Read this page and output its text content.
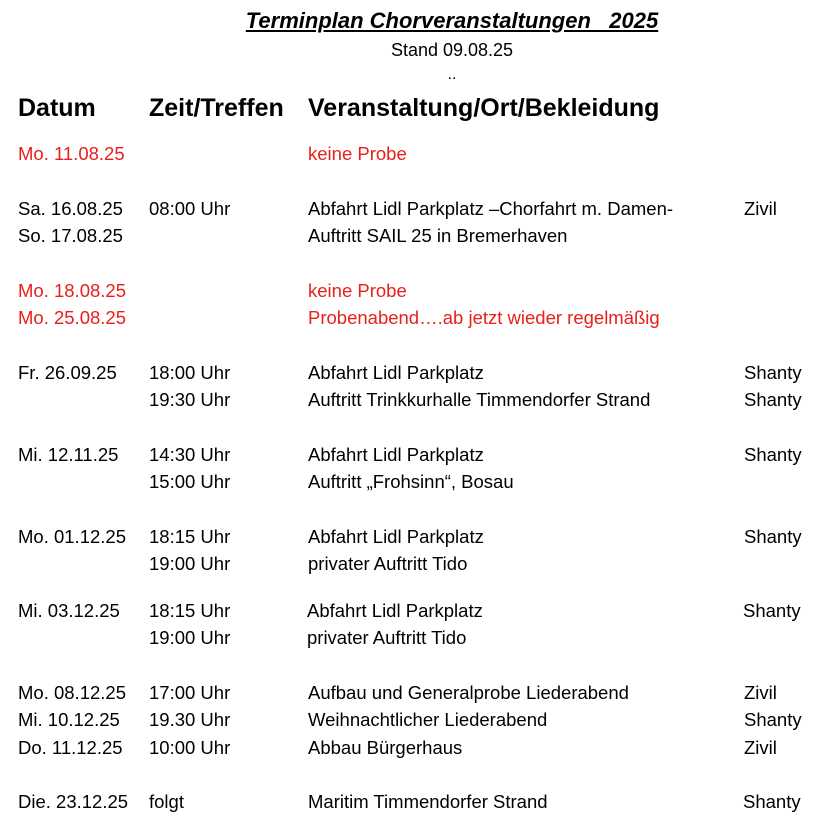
Terminplan Chorveranstaltungen   2025
Stand 09.08.25
..
Datum Zeit/Treffen Veranstaltung/Ort/Bekleidung
Mo. 11.08.25	keine Probe
Sa. 16.08.25 08:00 Uhr	Abfahrt Lidl Parkplatz –Chorfahrt m. Damen-	Zivil
So. 17.08.25	Auftritt SAIL 25 in Bremerhaven
Mo. 18.08.25	keine Probe
Mo. 25.08.25	Probenabend….ab jetzt wieder regelmäßig
Fr. 26.09.25 18:00 Uhr	Abfahrt Lidl Parkplatz	Shanty
19:30 Uhr	Auftritt Trinkkurhalle Timmendorfer Strand	Shanty
Mi. 12.11.25 14:30 Uhr	Abfahrt Lidl Parkplatz	Shanty
15:00 Uhr	Auftritt „Frohsinn“, Bosau
Mo. 01.12.25 18:15 Uhr	Abfahrt Lidl Parkplatz	Shanty
19:00 Uhr	privater Auftritt Tido
Mi. 03.12.25 18:15 Uhr	Abfahrt Lidl Parkplatz	Shanty
19:00 Uhr	privater Auftritt Tido
Mo. 08.12.25 17:00 Uhr	Aufbau und Generalprobe Liederabend	Zivil
Mi. 10.12.25 19.30 Uhr	Weihnachtlicher Liederabend	Shanty
Do. 11.12.25 10:00 Uhr	Abbau Bürgerhaus	Zivil
Die. 23.12.25 folgt	Maritim Timmendorfer Strand	Shanty
